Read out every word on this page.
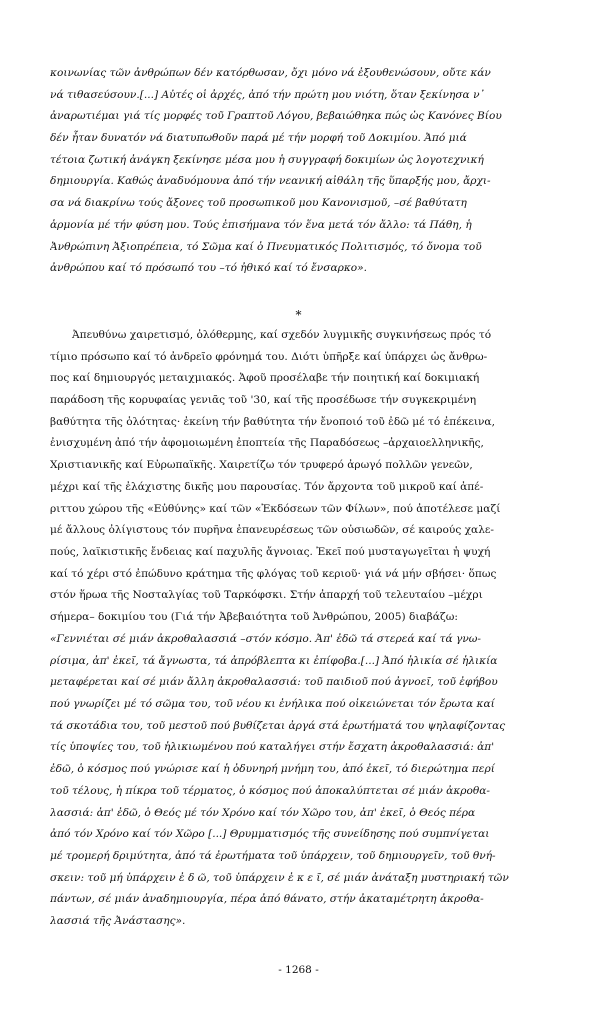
κοινωνίας τῶν ἀνθρώπων δέν κατόρθωσαν, ὄχι μόνο νά ἐξουθενώσουν, οὔτε κάν
νά τιθασεύσουν.[...] Αὐτές οἱ ἀρχές, ἀπό τήν πρώτη μου νιότη, ὅταν ξεκίνησα ν᾽
ἀναρωτιέμαι γιά τίς μορφές τοῦ Γραπτοῦ Λόγου, βεβαιώθηκα πώς ὡς Κανόνες Βίου
δέν ἦταν δυνατόν νά διατυπωθοῦν παρά μέ τήν μορφή τοῦ Δοκιμίου. Ἀπό μιά
τέτοια ζωτική ἀνάγκη ξεκίνησε μέσα μου ἡ συγγραφή δοκιμίων ὡς λογοτεχνική
δημιουργία. Καθώς ἀναδυόμουνα ἀπό τήν νεανική αἰθάλη τῆς ὕπαρξής μου, ἄρχι-
σα νά διακρίνω τούς ἄξονες τοῦ προσωπικοῦ μου Κανονισμοῦ, –σέ βαθύτατη
ἁρμονία μέ τήν φύση μου. Τούς ἐπισήμανα τόν ἕνα μετά τόν ἄλλο: τά Πάθη, ἡ
Ἀνθρώπινη Ἀξιοπρέπεια, τό Σῶμα καί ὁ Πνευματικός Πολιτισμός, τό ὄνομα τοῦ
ἀνθρώπου καί τό πρόσωπό του –τό ἠθικό καί τό ἔνσαρκο».
*
Ἀπευθύνω χαιρετισμό, ὁλόθερμης, καί σχεδόν λυγμικῆς συγκινήσεως πρός τό
τίμιο πρόσωπο καί τό ἀνδρεῖο φρόνημά του. Διότι ὑπῆρξε καί ὑπάρχει ὡς ἄνθρω-
πος καί δημιουργός μεταιχμιακός. Ἀφοῦ προσέλαβε τήν ποιητική καί δοκιμιακή
παράδοση τῆς κορυφαίας γενιᾶς τοῦ '30, καί τῆς προσέδωσε τήν συγκεκριμένη
βαθύτητα τῆς ὁλότητας· ἐκείνη τήν βαθύτητα τήν ἔνοποιό τοῦ ἐδῶ μέ τό ἐπέκεινα,
ἐνισχυμένη ἀπό τήν ἀφομοιωμένη ἐποπτεία τῆς Παραδόσεως –ἀρχαιοελληνικῆς,
Χριστιανικῆς καί Εὐρωπαϊκῆς. Χαιρετίζω τόν τρυφερό ἀρωγό πολλῶν γενεῶν,
μέχρι καί τῆς ἐλάχιστης δικῆς μου παρουσίας. Τόν ἄρχοντα τοῦ μικροῦ καί ἀπέ-
ριττου χώρου τῆς «Εὐθύνης» καί τῶν «Ἐκδόσεων τῶν Φίλων», πού ἀποτέλεσε μαζί
μέ ἄλλους ὀλίγιστους τόν πυρῆνα ἐπανευρέσεως τῶν οὐσιωδῶν, σέ καιρούς χαλε-
πούς, λαϊκιστικῆς ἔνδειας καί παχυλῆς ἄγνοιας. Ἐκεῖ πού μυσταγωγεῖται ἡ ψυχή
καί τό χέρι στό ἐπώδυνο κράτημα τῆς φλόγας τοῦ κεριοῦ· γιά νά μήν σβήσει· ὅπως
στόν ἥρωα τῆς Νοσταλγίας τοῦ Ταρκόφσκι. Στήν ἀπαρχή τοῦ τελευταίου –μέχρι
σήμερα– δοκιμίου του (Γιά τήν Ἀβεβαιότητα τοῦ Ἀνθρώπου, 2005) διαβάζω:
«Γεννιέται σέ μιάν ἀκροθαλασσιά –στόν κόσμο. Ἀπ' ἐδῶ τά στερεά καί τά γνω-
ρίσιμα, ἀπ' ἐκεῖ, τά ἄγνωστα, τά ἀπρόβλεπτα κι ἐπίφοβα.[...] Ἀπό ἡλικία σέ ἡλικία
μεταφέρεται καί σέ μιάν ἄλλη ἀκροθαλασσιά: τοῦ παιδιοῦ πού ἀγνοεῖ, τοῦ ἐφήβου
πού γνωρίζει μέ τό σῶμα του, τοῦ νέου κι ἐνήλικα πού οἰκειώνεται τόν ἔρωτα καί
τά σκοτάδια του, τοῦ μεστοῦ πού βυθίζεται ἀργά στά ἐρωτήματά του ψηλαφίζοντας
τίς ὑποψίες του, τοῦ ἡλικιωμένου πού καταλήγει στήν ἔσχατη ἀκροθαλασσιά: ἀπ'
ἐδῶ, ὁ κόσμος πού γνώρισε καί ἡ ὀδυνηρή μνήμη του, ἀπό ἐκεῖ, τό διερώτημα περί
τοῦ τέλους, ἡ πίκρα τοῦ τέρματος, ὁ κόσμος πού ἀποκαλύπτεται σέ μιάν ἀκροθα-
λασσιά: ἀπ' ἐδῶ, ὁ Θεός μέ τόν Χρόνο καί τόν Χῶρο του, ἀπ' ἐκεῖ, ὁ Θεός πέρα
ἀπό τόν Χρόνο καί τόν Χῶρο [...] Θρυμματισμός τῆς συνείδησης πού συμπνίγεται
μέ τρομερή δριμύτητα, ἀπό τά ἐρωτήματα τοῦ ὑπάρχειν, τοῦ δημιουργεῖν, τοῦ θνή-
σκειν: τοῦ μή ὑπάρχειν ἐ δ ῶ, τοῦ ὑπάρχειν ἐ κ ε ῖ, σέ μιάν ἀνάταξη μυστηριακή τῶν
πάντων, σέ μιάν ἀναδημιουργία, πέρα ἀπό θάνατο, στήν ἀκαταμέτρητη ἀκροθα-
λασσιά τῆς Ἀνάστασης».
- 1268 -
